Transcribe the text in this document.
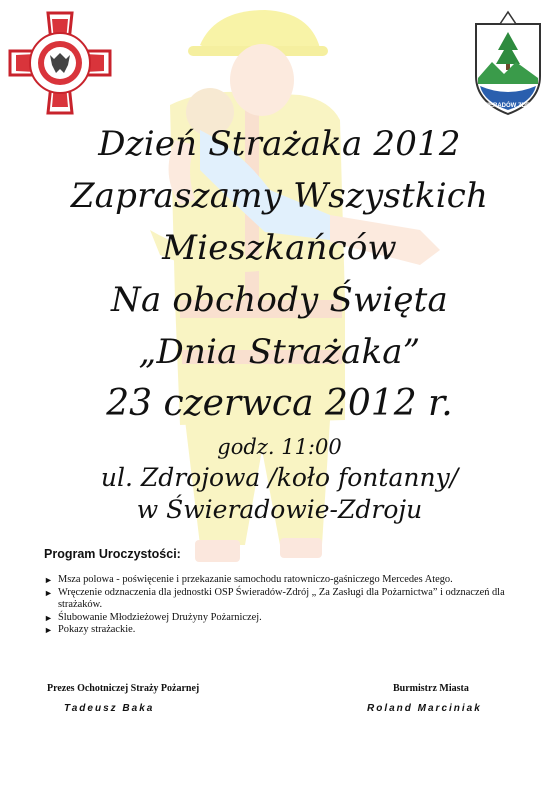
ŚWIERADÓW ZDRÓJ
Dzień Strażaka 2012
Zapraszamy Wszystkich
Mieszkańców
Na obchody Święta
„Dnia Strażaka”
23 czerwca 2012 r.
godz. 11:00
ul. Zdrojowa /koło fontanny/
w Świeradowie-Zdroju
Program Uroczystości:
► Msza polowa - poświęcenie i przekazanie samochodu ratowniczo-gaśniczego Mercedes Atego.
► Wręczenie odznaczenia dla jednostki OSP Świeradów-Zdrój „ Za Zasługi dla Pożarnictwa” i odznaczeń dla strażaków.
► Ślubowanie Młodzieżowej Drużyny Pożarniczej.
► Pokazy strażackie.
Prezes Ochotniczej Straży Pożarnej
Tadeusz Baka
Burmistrz Miasta
Roland Marciniak
